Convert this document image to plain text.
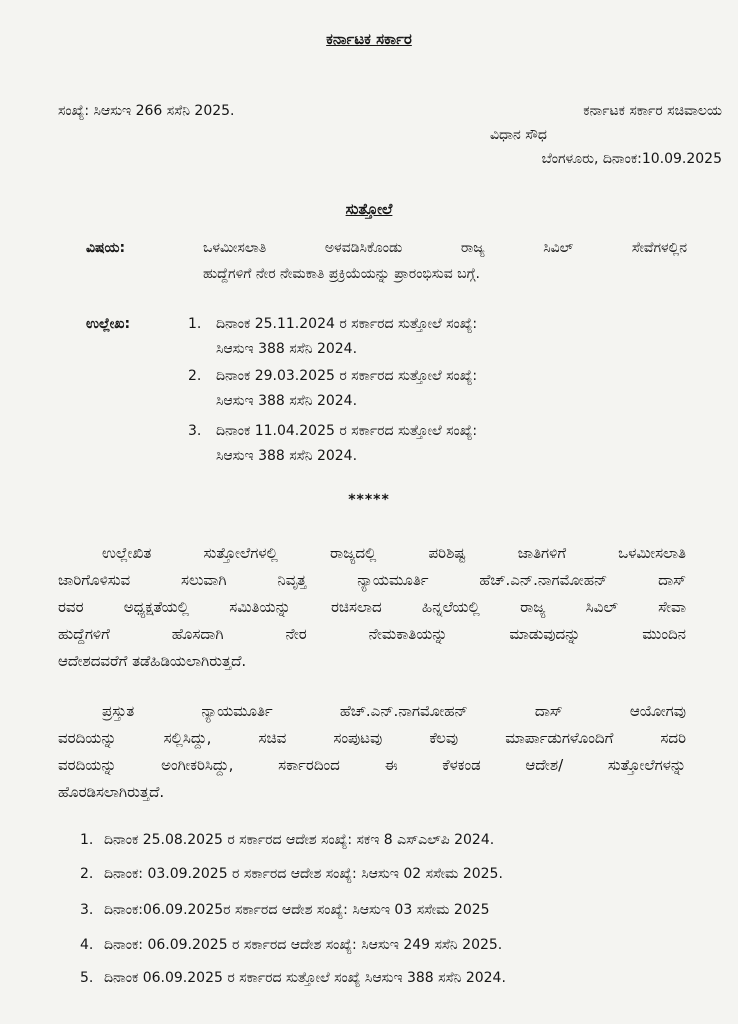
ಕರ್ನಾಟಕ ಸರ್ಕಾರ
ಸಂಖ್ಯೆ: ಸಿಆಸುಇ 266 ಸಸೆನಿ 2025.	ಕರ್ನಾಟಕ ಸರ್ಕಾರ ಸಚಿವಾಲಯ
ವಿಧಾನ ಸೌಧ
ಬೆಂಗಳೂರು, ದಿನಾಂಕ:10.09.2025
ಸುತ್ತೋಲೆ
ವಿಷಯ:	ಒಳಮೀಸಲಾತಿ ಅಳವಡಿಸಿಕೊಂಡು ರಾಜ್ಯ ಸಿವಿಲ್ ಸೇವೆಗಳಲ್ಲಿನ
ಹುದ್ದೆಗಳಿಗೆ ನೇರ ನೇಮಕಾತಿ ಪ್ರಕ್ರಿಯೆಯನ್ನು ಪ್ರಾರಂಭಿಸುವ ಬಗ್ಗೆ.
ಉಲ್ಲೇಖ:	1. ದಿನಾಂಕ 25.11.2024 ರ ಸರ್ಕಾರದ ಸುತ್ತೋಲೆ ಸಂಖ್ಯೆ:
ಸಿಆಸುಇ 388 ಸಸೆನಿ 2024.
2. ದಿನಾಂಕ 29.03.2025 ರ ಸರ್ಕಾರದ ಸುತ್ತೋಲೆ ಸಂಖ್ಯೆ:
ಸಿಆಸುಇ 388 ಸಸೆನಿ 2024.
3. ದಿನಾಂಕ 11.04.2025 ರ ಸರ್ಕಾರದ ಸುತ್ತೋಲೆ ಸಂಖ್ಯೆ:
ಸಿಆಸುಇ 388 ಸಸೆನಿ 2024.
*****
ಉಲ್ಲೇಖಿತ ಸುತ್ತೋಲೆಗಳಲ್ಲಿ ರಾಜ್ಯದಲ್ಲಿ ಪರಿಶಿಷ್ಟ ಜಾತಿಗಳಿಗೆ ಒಳಮೀಸಲಾತಿ
ಜಾರಿಗೊಳಿಸುವ ಸಲುವಾಗಿ ನಿವೃತ್ತ ನ್ಯಾಯಮೂರ್ತಿ ಹೆಚ್.ಎನ್.ನಾಗಮೋಹನ್ ದಾಸ್
ರವರ ಅಧ್ಯಕ್ಷತೆಯಲ್ಲಿ ಸಮಿತಿಯನ್ನು ರಚಿಸಲಾದ ಹಿನ್ನಲೆಯಲ್ಲಿ ರಾಜ್ಯ ಸಿವಿಲ್ ಸೇವಾ
ಹುದ್ದೆಗಳಿಗೆ ಹೊಸದಾಗಿ ನೇರ ನೇಮಕಾತಿಯನ್ನು ಮಾಡುವುದನ್ನು ಮುಂದಿನ
ಆದೇಶದವರೆಗೆ ತಡೆಹಿಡಿಯಲಾಗಿರುತ್ತದೆ.
ಪ್ರಸ್ತುತ ನ್ಯಾಯಮೂರ್ತಿ ಹೆಚ್.ಎನ್.ನಾಗಮೋಹನ್ ದಾಸ್ ಆಯೋಗವು
ವರದಿಯನ್ನು ಸಲ್ಲಿಸಿದ್ದು, ಸಚಿವ ಸಂಪುಟವು ಕೆಲವು ಮಾರ್ಪಾಡುಗಳೊಂದಿಗೆ ಸದರಿ
ವರದಿಯನ್ನು ಅಂಗೀಕರಿಸಿದ್ದು, ಸರ್ಕಾರದಿಂದ ಈ ಕೆಳಕಂಡ ಆದೇಶ/ ಸುತ್ತೋಲೆಗಳನ್ನು
ಹೊರಡಿಸಲಾಗಿರುತ್ತದೆ.
1. ದಿನಾಂಕ 25.08.2025 ರ ಸರ್ಕಾರದ ಆದೇಶ ಸಂಖ್ಯೆ: ಸಕಇ 8 ಎಸ್‌ಎಲ್‌ಪಿ 2024.
2. ದಿನಾಂಕ: 03.09.2025 ರ ಸರ್ಕಾರದ ಆದೇಶ ಸಂಖ್ಯೆ: ಸಿಆಸುಇ 02 ಸಸೇಮ 2025.
3. ದಿನಾಂಕ:06.09.2025ರ ಸರ್ಕಾರದ ಆದೇಶ ಸಂಖ್ಯೆ: ಸಿಆಸುಇ 03 ಸಸೇಮ 2025
4. ದಿನಾಂಕ: 06.09.2025 ರ ಸರ್ಕಾರದ ಆದೇಶ ಸಂಖ್ಯೆ: ಸಿಆಸುಇ 249 ಸಸೆನಿ 2025.
5. ದಿನಾಂಕ 06.09.2025 ರ ಸರ್ಕಾರದ ಸುತ್ತೋಲೆ ಸಂಖ್ಯೆ ಸಿಆಸುಇ 388 ಸಸೆನಿ 2024.
